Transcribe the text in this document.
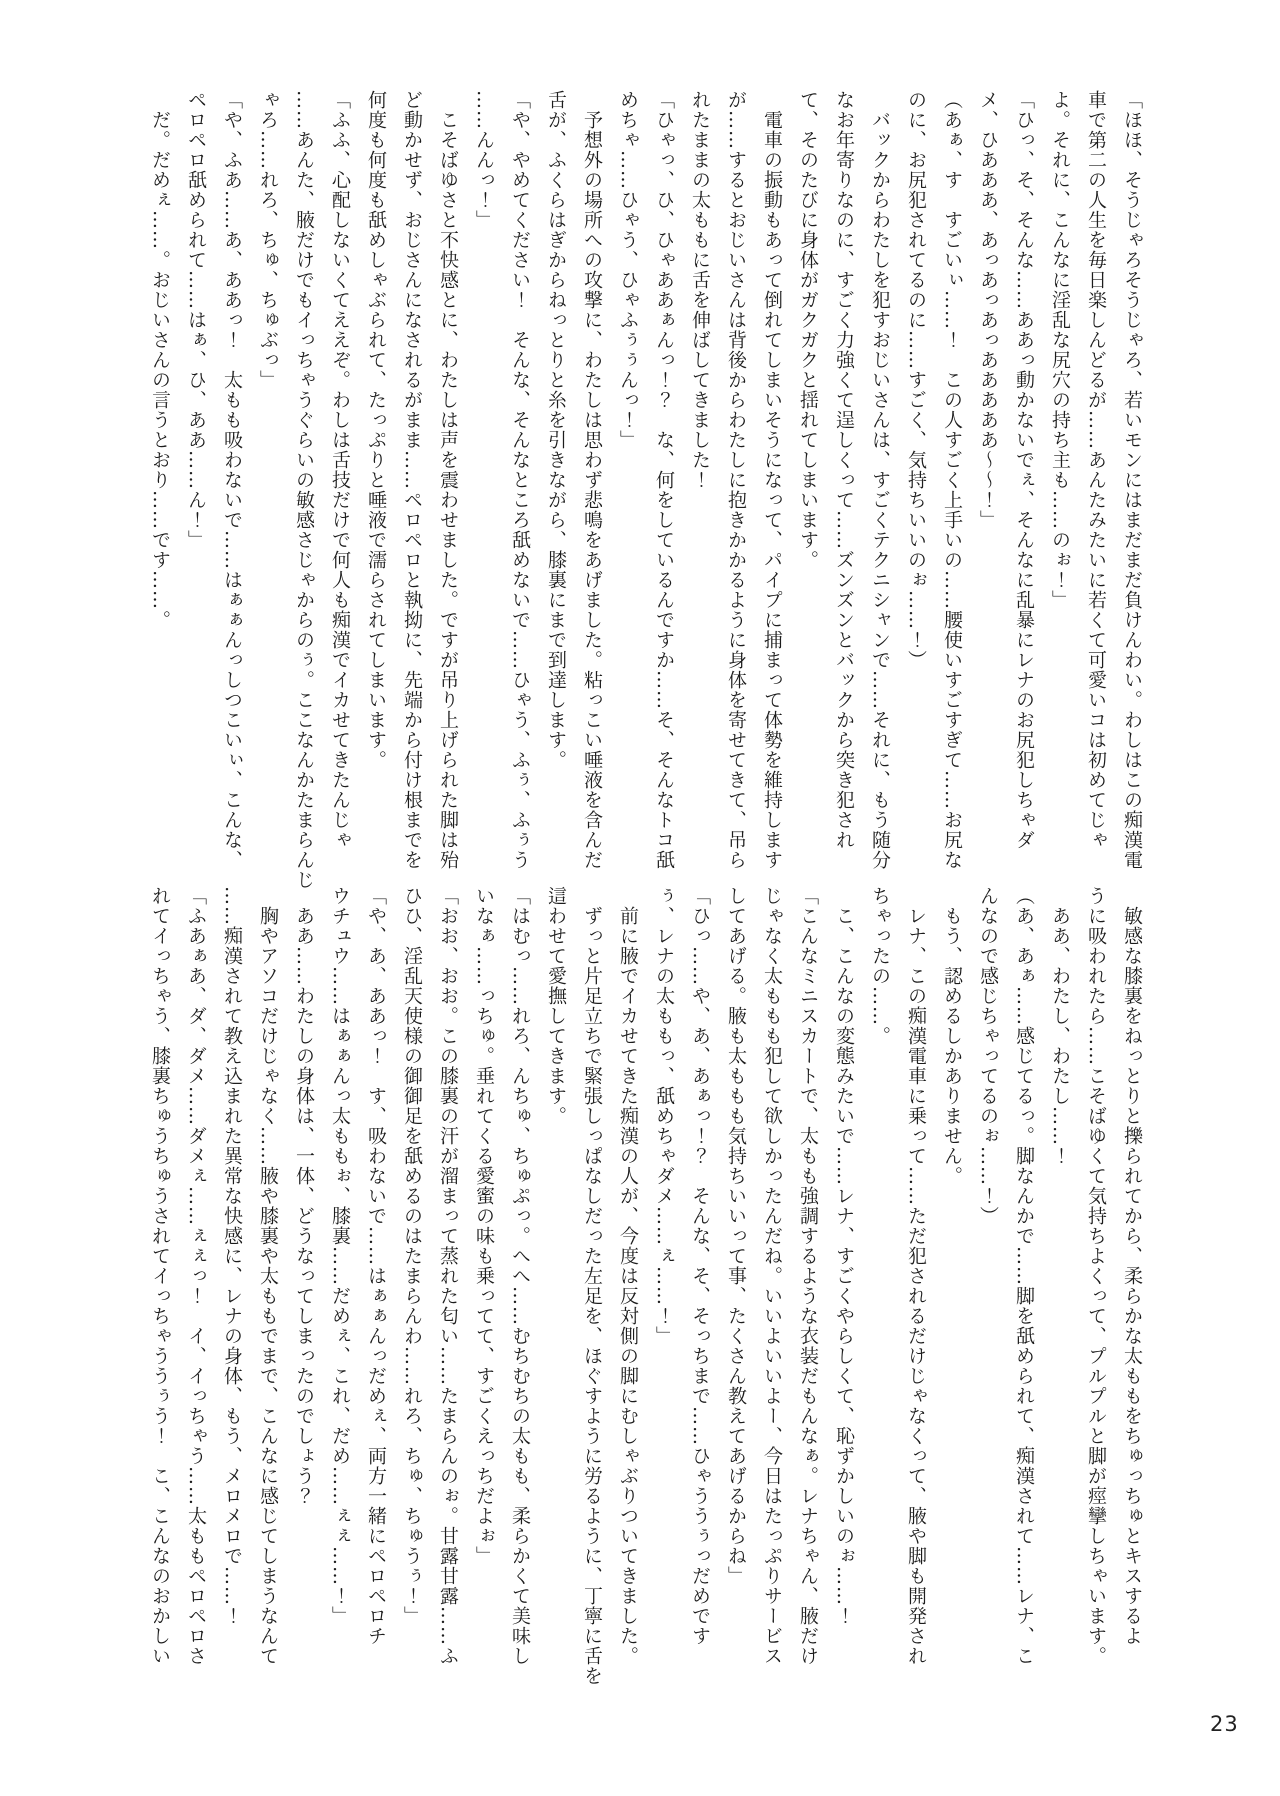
「ほほ、そうじゃろそうじゃろ、若いモンにはまだまだ負けんわい。わしはこの痴漢電

車で第二の人生を毎日楽しんどるが……あんたみたいに若くて可愛いコは初めてじゃ

よ。それに、こんなに淫乱な尻穴の持ち主も……のぉ！」

「ひっ、そ、そんな……ああっ動かないでぇ、そんなに乱暴にレナのお尻犯しちゃダ

メ、ひあああ、あっあっあっあああああ～～！」

（あぁ、す　すごいぃ……！　この人すごく上手いの……腰使いすごすぎて……お尻な

のに、お尻犯されてるのに……すごく、気持ちいいのぉ……！）

バックからわたしを犯すおじいさんは、すごくテクニシャンで……それに、もう随分

なお年寄りなのに、すごく力強くて逞しくって……ズンズンとバックから突き犯され

て、そのたびに身体がガクガクと揺れてしまいます。

電車の振動もあって倒れてしまいそうになって、パイプに捕まって体勢を維持します

が……するとおじいさんは背後からわたしに抱きかかるように身体を寄せてきて、吊ら

れたままの太ももに舌を伸ばしてきました！

「ひゃっ、ひ、ひゃああぁんっ！？　な、何をしているんですか……そ、そんなトコ舐

めちゃ……ひゃう、ひゃふぅぅんっ！」

予想外の場所への攻撃に、わたしは思わず悲鳴をあげました。粘っこい唾液を含んだ

舌が、ふくらはぎからねっとりと糸を引きながら、膝裏にまで到達します。

「や、やめてください！　そんな、そんなところ舐めないで……ひゃう、ふぅ、ふぅう

……んんっ！」

こそばゆさと不快感とに、わたしは声を震わせました。ですが吊り上げられた脚は殆

ど動かせず、おじさんになされるがまま……ペロペロと執拗に、先端から付け根までを

何度も何度も舐めしゃぶられて、たっぷりと唾液で濡らされてしまいます。

「ふふ、心配しないくてええぞ。わしは舌技だけで何人も痴漢でイカせてきたんじゃ

……あんた、腋だけでもイっちゃうぐらいの敏感さじゃからのぅ。ここなんかたまらんじ

ゃろ……れろ、ちゅ、ちゅぶっ」

「や、ふあ……あ、ああっ！　太もも吸わないで……はぁぁんっしつこいぃ、こんな、

ペロペロ舐められて……はぁ、ひ、ああ……ん！」

だ。だめぇ……。おじいさんの言うとおり……です……。

敏感な膝裏をねっとりと擽られてから、柔らかな太ももをちゅっちゅとキスするよ

うに吸われたら……こそばゆくて気持ちよくって、プルプルと脚が痙攣しちゃいます。

ああ、わたし、わたし……！

（あ、あぁ……感じてるっ。脚なんかで……脚を舐められて、痴漢されて……レナ、こ

んなので感じちゃってるのぉ……！）

もう、認めるしかありません。

レナ、この痴漢電車に乗って……ただ犯されるだけじゃなくって、腋や脚も開発され

ちゃったの……。

こ、こんなの変態みたいで……レナ、すごくやらしくて、恥ずかしいのぉ……！

「こんなミニスカートで、太もも強調するような衣装だもんなぁ。レナちゃん、腋だけ

じゃなく太ももも犯して欲しかったんだね。いいよいいよー、今日はたっぷりサービス

してあげる。腋も太ももも気持ちいいって事、たくさん教えてあげるからね」

「ひっ……や、あ、あぁっ！？　そんな、そ、そっちまで……ひゃううぅっだめです

ぅ、レナの太ももっ、舐めちゃダメ……ぇ……！」

前に腋でイカせてきた痴漢の人が、今度は反対側の脚にむしゃぶりついてきました。

ずっと片足立ちで緊張しっぱなしだった左足を、ほぐすように労るように、丁寧に舌を

這わせて愛撫してきます。

「はむっ……れろ、んちゅ、ちゅぷっ。へへ……むちむちの太もも、柔らかくて美味し

いなぁ……っちゅ。垂れてくる愛蜜の味も乗ってて、すごくえっちだよぉ」

「おお、おお。この膝裏の汗が溜まって蒸れた匂い……たまらんのぉ。甘露甘露……ふ

ひひ、淫乱天使様の御御足を舐めるのはたまらんわ……れろ、ちゅ、ちゅうぅ！」

「や、あ、ああっ！　す、吸わないで……はぁぁんっだめぇ、両方一緒にペロペロチ

ウチュウ……はぁぁんっ太ももぉ、膝裏……だめぇ、これ、だめ……ぇぇ……！」

ああ……わたしの身体は、一体、どうなってしまったのでしょう？

胸やアソコだけじゃなく……腋や膝裏や太ももでまで、こんなに感じてしまうなんて

……痴漢されて教え込まれた異常な快感に、レナの身体、もう、メロメロで……！

「ふあぁあ、ダ、ダメ……ダメぇ……ぇぇっ！　イ、イっちゃう……太ももペロペロさ

れてイっちゃう、膝裏ちゅうちゅうされてイっちゃううぅう！　こ、こんなのおかしい

23
